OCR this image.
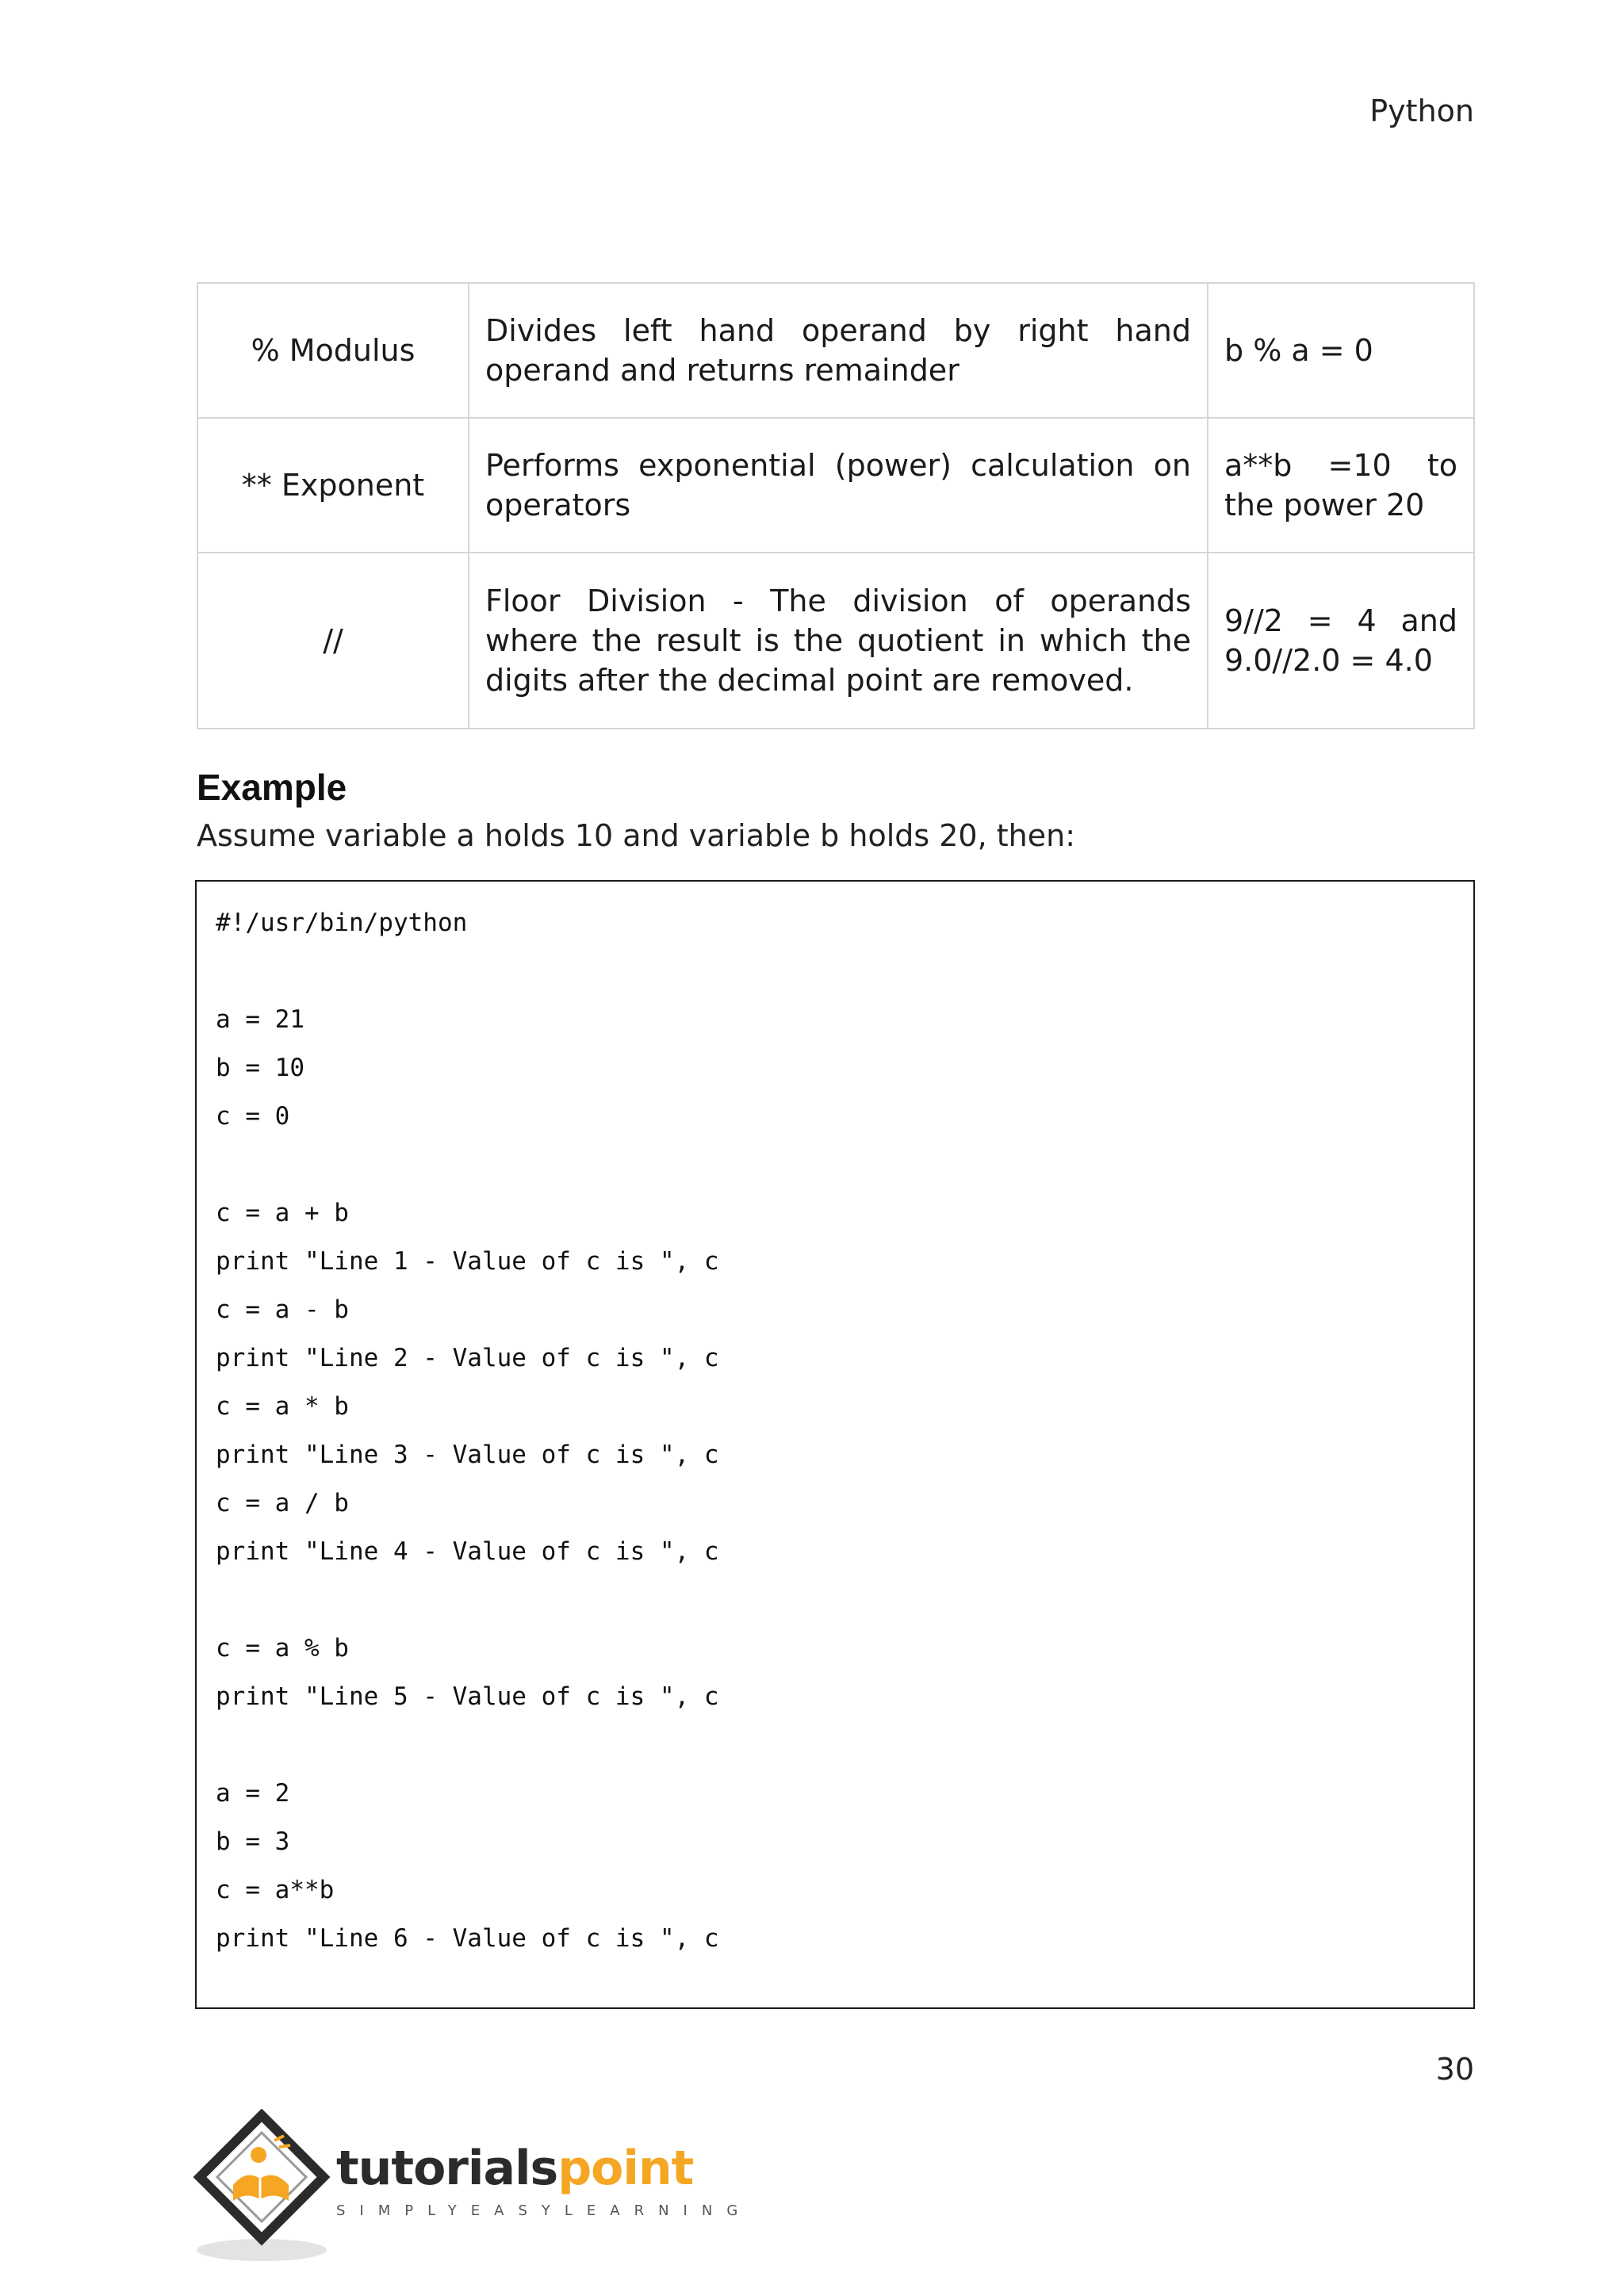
Python
% Modulus	Divides left hand operand by right hand operand and returns remainder	b % a = 0
** Exponent	Performs exponential (power) calculation on operators	a**b =10 to the power 20
//	Floor Division - The division of operands where the result is the quotient in which the digits after the decimal point are removed.	9//2 = 4 and 9.0//2.0 = 4.0
Example

Assume variable a holds 10 and variable b holds 20, then:

#!/usr/bin/python
a = 21
b = 10
c = 0
c = a + b
print "Line 1 - Value of c is ", c
c = a - b
print "Line 2 - Value of c is ", c
c = a * b
print "Line 3 - Value of c is ", c
c = a / b
print "Line 4 - Value of c is ", c
c = a % b
print "Line 5 - Value of c is ", c
a = 2
b = 3
c = a**b
print "Line 6 - Value of c is ", c
30
tutorialspoint
SIMPLYEASYLEARNING
